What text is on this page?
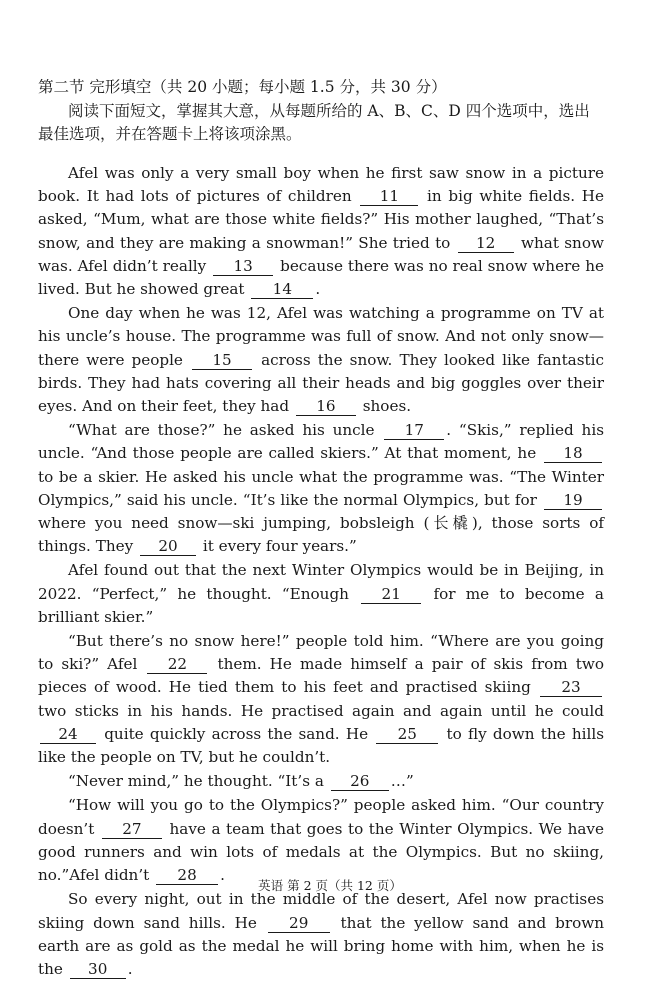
第二节 完形填空（共 20 小题；每小题 1.5 分，共 30 分）
阅读下面短文，掌握其大意，从每题所给的 A、B、C、D 四个选项中，选出最佳选项，并在答题卡上将该项涂黑。

Afel was only a very small boy when he first saw snow in a picture book. It had lots of pictures of children 11 in big white fields. He asked, “Mum, what are those white fields?” His mother laughed, “That’s snow, and they are making a snowman!” She tried to 12 what snow was. Afel didn’t really 13 because there was no real snow where he lived. But he showed great 14 .

One day when he was 12, Afel was watching a programme on TV at his uncle’s house. The programme was full of snow. And not only snow—there were people 15 across the snow. They looked like fantastic birds. They had hats covering all their heads and big goggles over their eyes. And on their feet, they had 16 shoes.

“What are those?” he asked his uncle 17 . “Skis,” replied his uncle. “And those people are called skiers.” At that moment, he 18 to be a skier. He asked his uncle what the programme was. “The Winter Olympics,” said his uncle. “It’s like the normal Olympics, but for 19 where you need snow—ski jumping, bobsleigh (长橇), those sorts of things. They 20 it every four years.”

Afel found out that the next Winter Olympics would be in Beijing, in 2022. “Perfect,” he thought. “Enough 21 for me to become a brilliant skier.”

“But there’s no snow here!” people told him. “Where are you going to ski?” Afel 22 them. He made himself a pair of skis from two pieces of wood. He tied them to his feet and practised skiing 23 two sticks in his hands. He practised again and again until he could 24 quite quickly across the sand. He 25 to fly down the hills like the people on TV, but he couldn’t.

“Never mind,” he thought. “It’s a 26 …”

“How will you go to the Olympics?” people asked him. “Our country doesn’t 27 have a team that goes to the Winter Olympics. We have good runners and win lots of medals at the Olympics. But no skiing, no.”Afel didn’t 28 .

So every night, out in the middle of the desert, Afel now practises skiing down sand hills. He 29 that the yellow sand and brown earth are as gold as the medal he will bring home with him, when he is the 30 .

英语 第 2 页（共 12 页）
